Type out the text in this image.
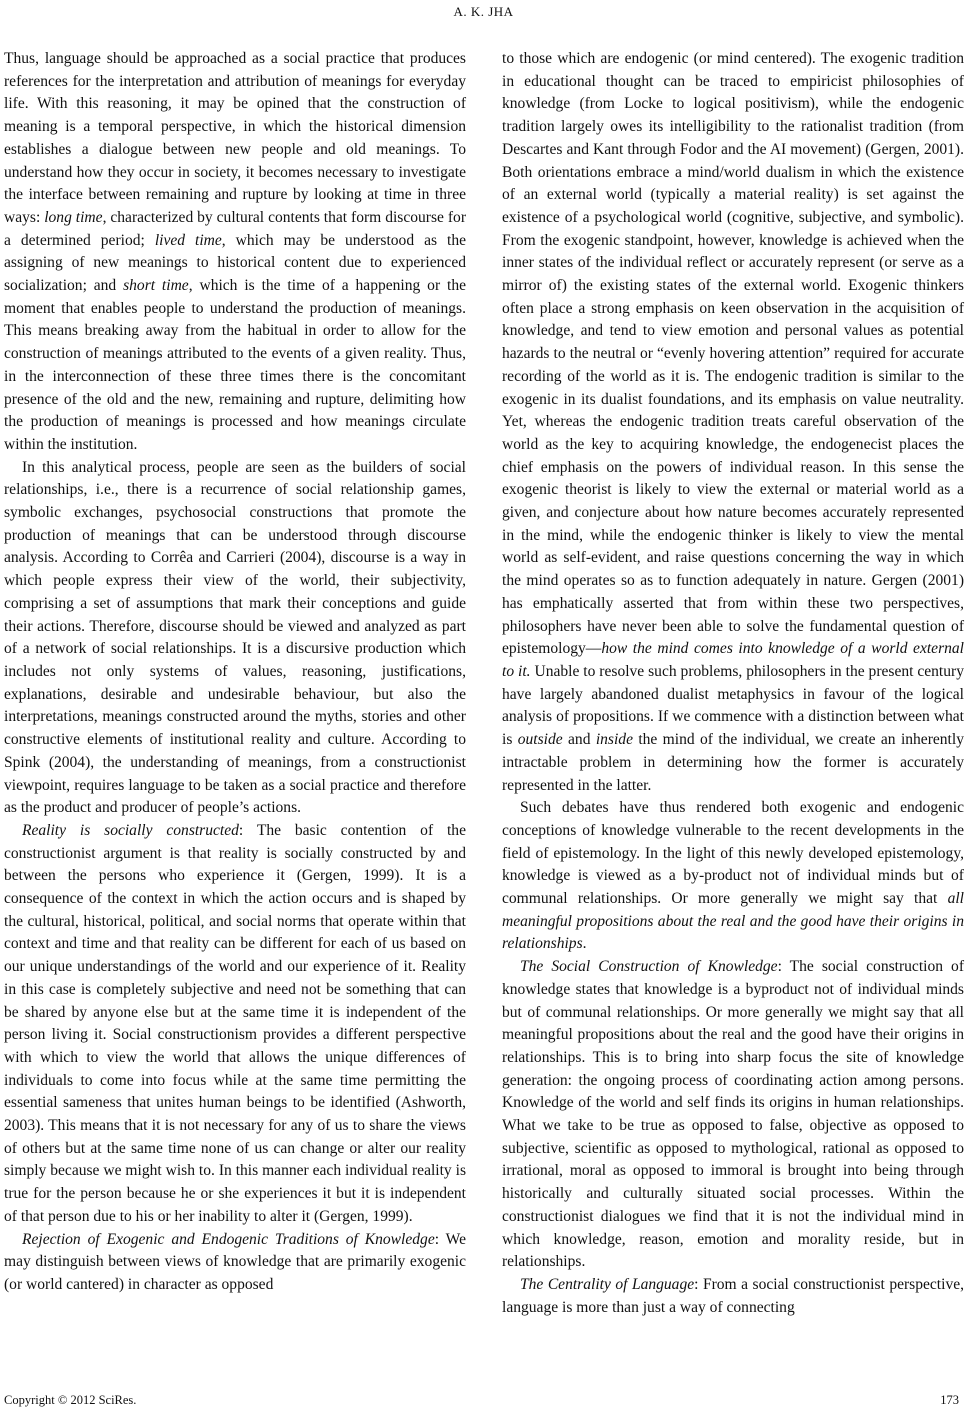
A. K. JHA

Thus, language should be approached as a social practice that produces references for the interpretation and attribution of meanings for everyday life. With this reasoning, it may be opined that the construction of meaning is a temporal perspective, in which the historical dimension establishes a dialogue between new people and old meanings. To understand how they occur in society, it becomes necessary to investigate the interface between remaining and rupture by looking at time in three ways: long time, characterized by cultural contents that form discourse for a determined period; lived time, which may be understood as the assigning of new meanings to historical content due to experienced socialization; and short time, which is the time of a happening or the moment that enables people to understand the production of meanings. This means breaking away from the habitual in order to allow for the construction of meanings attributed to the events of a given reality. Thus, in the interconnection of these three times there is the concomitant presence of the old and the new, remaining and rupture, delimiting how the production of meanings is processed and how meanings circulate within the institution.

In this analytical process, people are seen as the builders of social relationships, i.e., there is a recurrence of social relationship games, symbolic exchanges, psychosocial constructions that promote the production of meanings that can be understood through discourse analysis. According to Corrêa and Carrieri (2004), discourse is a way in which people express their view of the world, their subjectivity, comprising a set of assumptions that mark their conceptions and guide their actions. Therefore, discourse should be viewed and analyzed as part of a network of social relationships. It is a discursive production which includes not only systems of values, reasoning, justifications, explanations, desirable and undesirable behaviour, but also the interpretations, meanings constructed around the myths, stories and other constructive elements of institutional reality and culture. According to Spink (2004), the understanding of meanings, from a constructionist viewpoint, requires language to be taken as a social practice and therefore as the product and producer of people’s actions.

Reality is socially constructed: The basic contention of the constructionist argument is that reality is socially constructed by and between the persons who experience it (Gergen, 1999). It is a consequence of the context in which the action occurs and is shaped by the cultural, historical, political, and social norms that operate within that context and time and that reality can be different for each of us based on our unique understandings of the world and our experience of it. Reality in this case is completely subjective and need not be something that can be shared by anyone else but at the same time it is independent of the person living it. Social constructionism provides a different perspective with which to view the world that allows the unique differences of individuals to come into focus while at the same time permitting the essential sameness that unites human beings to be identified (Ashworth, 2003). This means that it is not necessary for any of us to share the views of others but at the same time none of us can change or alter our reality simply because we might wish to. In this manner each individual reality is true for the person because he or she experiences it but it is independent of that person due to his or her inability to alter it (Gergen, 1999).

Rejection of Exogenic and Endogenic Traditions of Knowledge: We may distinguish between views of knowledge that are primarily exogenic (or world cantered) in character as opposed

to those which are endogenic (or mind centered). The exogenic tradition in educational thought can be traced to empiricist philosophies of knowledge (from Locke to logical positivism), while the endogenic tradition largely owes its intelligibility to the rationalist tradition (from Descartes and Kant through Fodor and the AI movement) (Gergen, 2001). Both orientations embrace a mind/world dualism in which the existence of an external world (typically a material reality) is set against the existence of a psychological world (cognitive, subjective, and symbolic). From the exogenic standpoint, however, knowledge is achieved when the inner states of the individual reflect or accurately represent (or serve as a mirror of) the existing states of the external world. Exogenic thinkers often place a strong emphasis on keen observation in the acquisition of knowledge, and tend to view emotion and personal values as potential hazards to the neutral or “evenly hovering attention” required for accurate recording of the world as it is. The endogenic tradition is similar to the exogenic in its dualist foundations, and its emphasis on value neutrality. Yet, whereas the endogenic tradition treats careful observation of the world as the key to acquiring knowledge, the endogenecist places the chief emphasis on the powers of individual reason. In this sense the exogenic theorist is likely to view the external or material world as a given, and conjecture about how nature becomes accurately represented in the mind, while the endogenic thinker is likely to view the mental world as self-evident, and raise questions concerning the way in which the mind operates so as to function adequately in nature. Gergen (2001) has emphatically asserted that from within these two perspectives, philosophers have never been able to solve the fundamental question of epistemology—how the mind comes into knowledge of a world external to it. Unable to resolve such problems, philosophers in the present century have largely abandoned dualist metaphysics in favour of the logical analysis of propositions. If we commence with a distinction between what is outside and inside the mind of the individual, we create an inherently intractable problem in determining how the former is accurately represented in the latter.

Such debates have thus rendered both exogenic and endogenic conceptions of knowledge vulnerable to the recent developments in the field of epistemology. In the light of this newly developed epistemology, knowledge is viewed as a by-product not of individual minds but of communal relationships. Or more generally we might say that all meaningful propositions about the real and the good have their origins in relationships.

The Social Construction of Knowledge: The social construction of knowledge states that knowledge is a byproduct not of individual minds but of communal relationships. Or more generally we might say that all meaningful propositions about the real and the good have their origins in relationships. This is to bring into sharp focus the site of knowledge generation: the ongoing process of coordinating action among persons. Knowledge of the world and self finds its origins in human relationships. What we take to be true as opposed to false, objective as opposed to subjective, scientific as opposed to mythological, rational as opposed to irrational, moral as opposed to immoral is brought into being through historically and culturally situated social processes. Within the constructionist dialogues we find that it is not the individual mind in which knowledge, reason, emotion and morality reside, but in relationships.

The Centrality of Language: From a social constructionist perspective, language is more than just a way of connecting

Copyright © 2012 SciRes.	173
